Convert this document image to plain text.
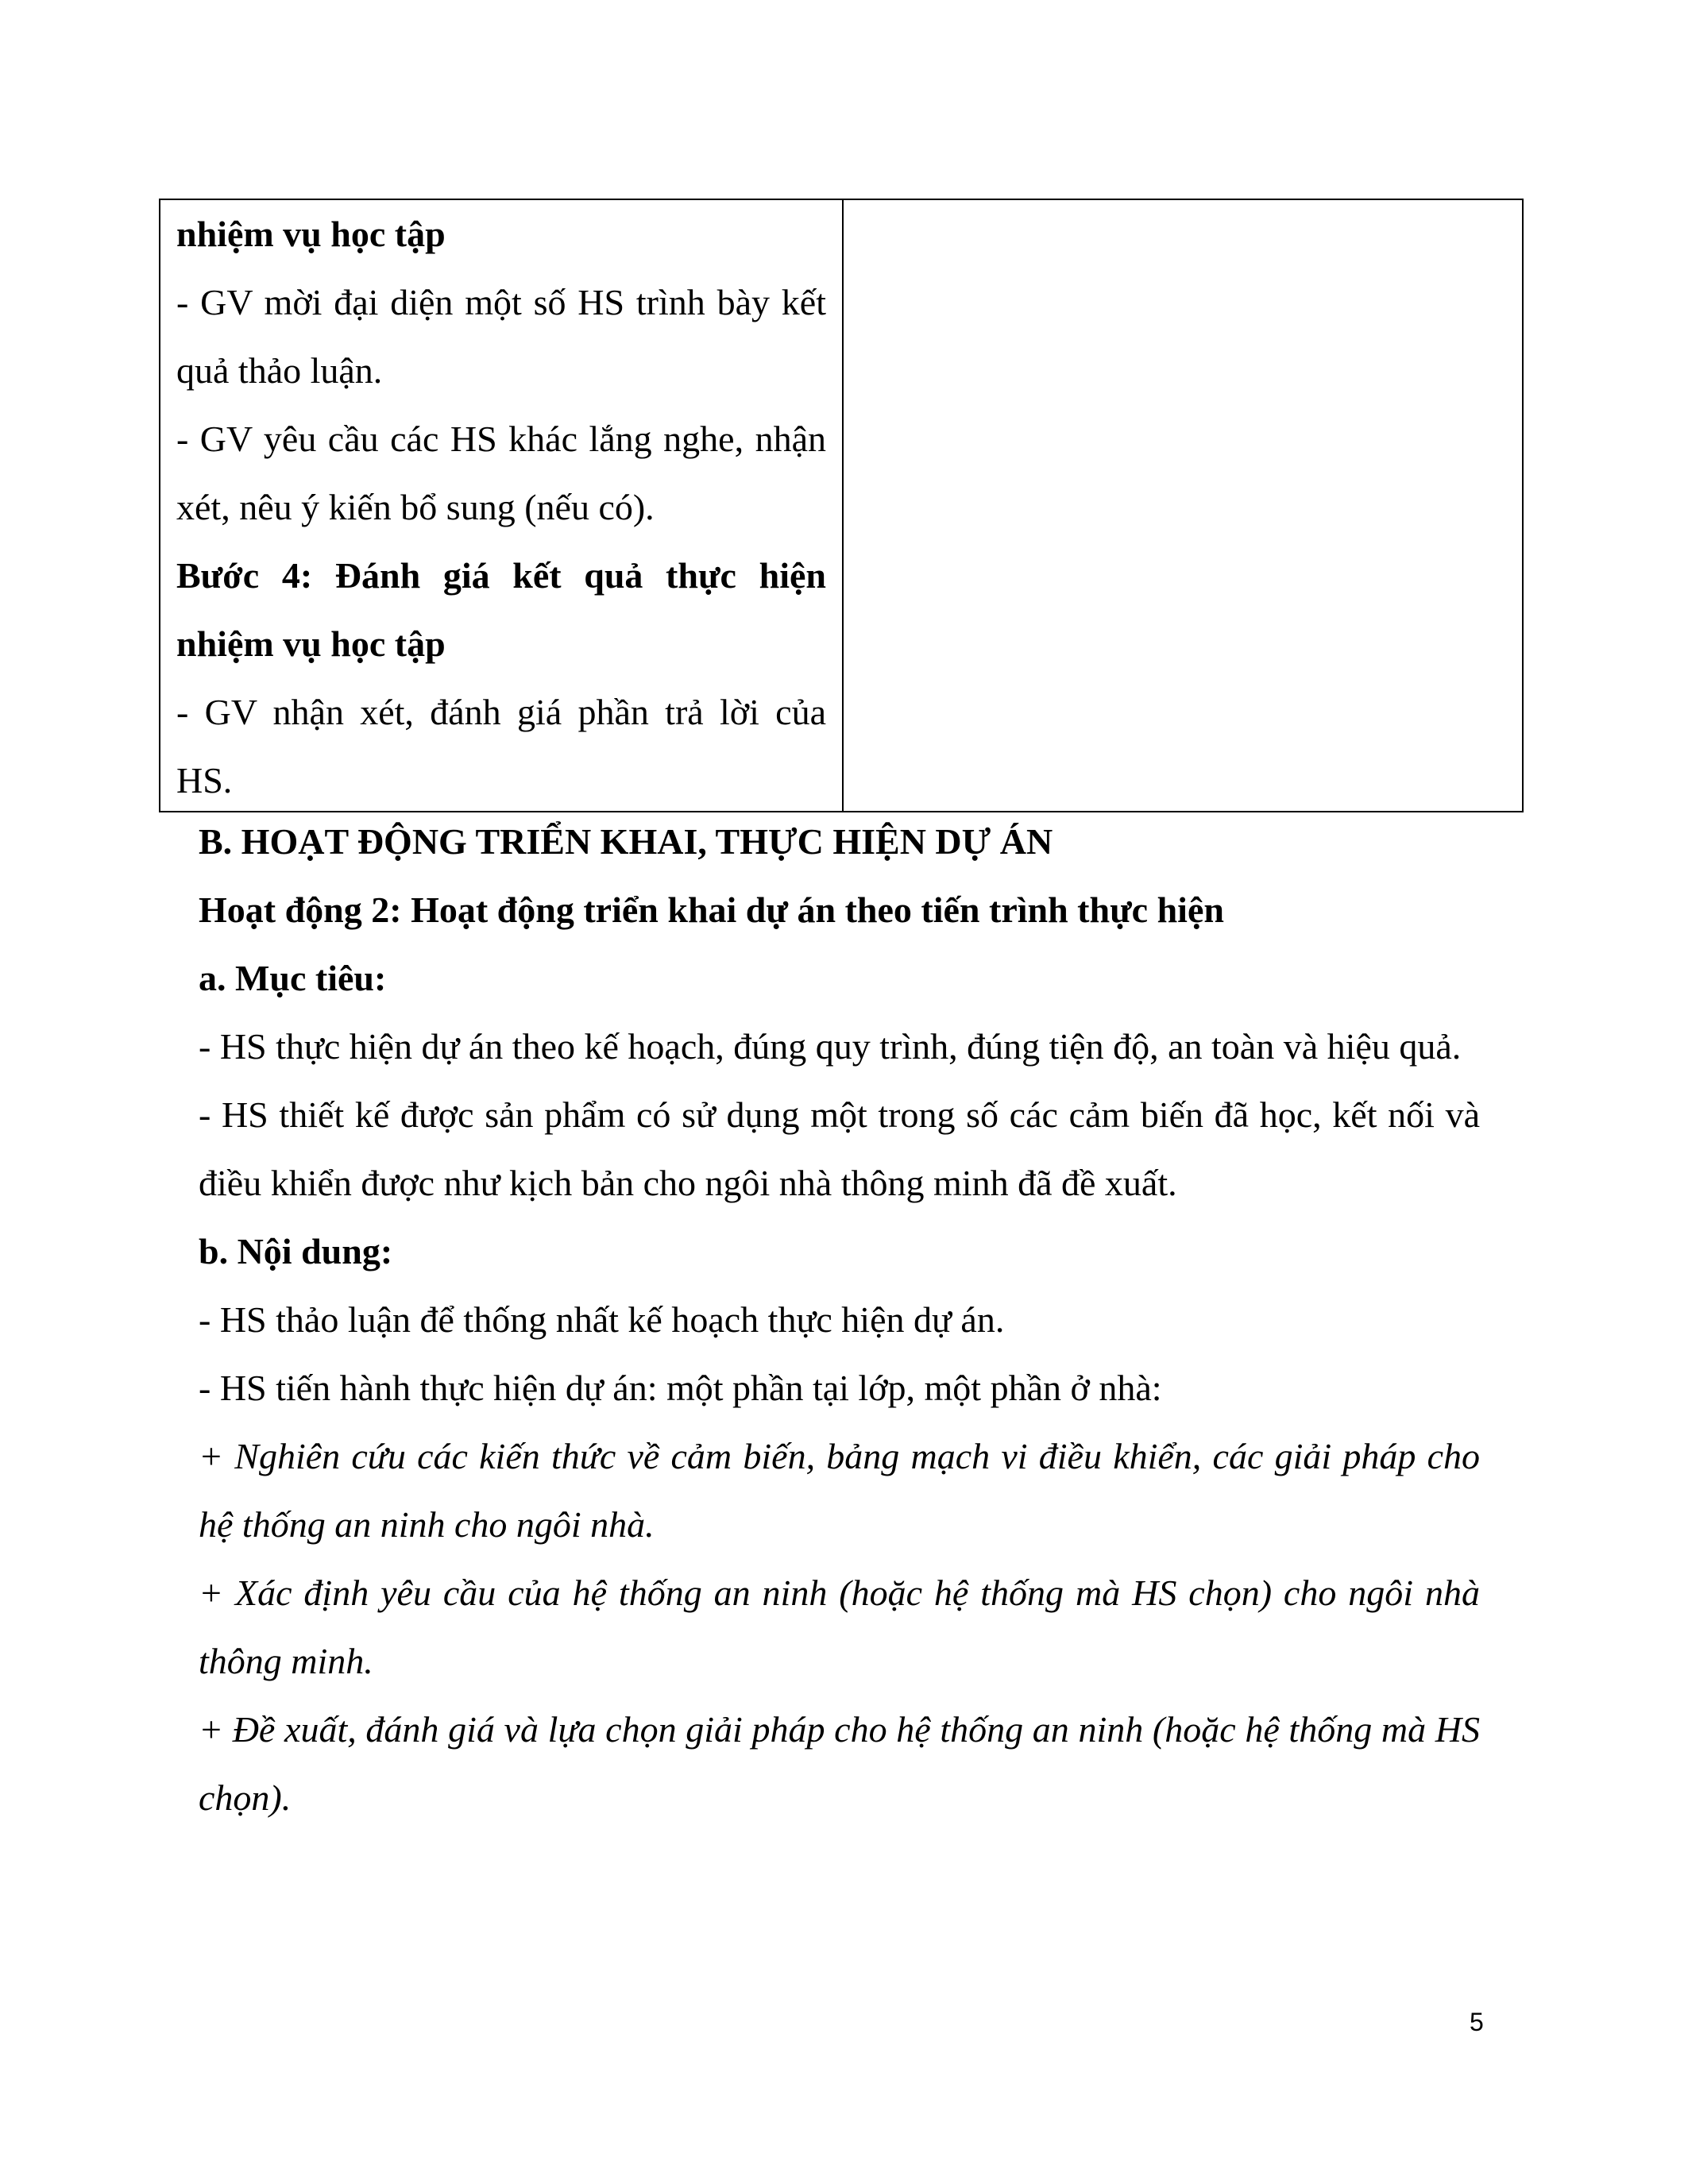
nhiệm vụ học tập

- GV mời đại diện một số HS trình bày kết quả thảo luận.

- GV yêu cầu các HS khác lắng nghe, nhận xét, nêu ý kiến bổ sung (nếu có).

Bước 4: Đánh giá kết quả thực hiện nhiệm vụ học tập

- GV nhận xét, đánh giá phần trả lời của HS.

B. HOẠT ĐỘNG TRIỂN KHAI, THỰC HIỆN DỰ ÁN

Hoạt động 2: Hoạt động triển khai dự án theo tiến trình thực hiện

a. Mục tiêu:

- HS thực hiện dự án theo kế hoạch, đúng quy trình, đúng tiện độ, an toàn và hiệu quả.

- HS thiết kế được sản phẩm có sử dụng một trong số các cảm biến đã học, kết nối và điều khiển được như kịch bản cho ngôi nhà thông minh đã đề xuất.

b. Nội dung:

- HS thảo luận để thống nhất kế hoạch thực hiện dự án.

- HS tiến hành thực hiện dự án: một phần tại lớp, một phần ở nhà:

+ Nghiên cứu các kiến thức về cảm biến, bảng mạch vi điều khiển, các giải pháp cho hệ thống an ninh cho ngôi nhà.

+ Xác định yêu cầu của hệ thống an ninh (hoặc hệ thống mà HS chọn) cho ngôi nhà thông minh.

+ Đề xuất, đánh giá và lựa chọn giải pháp cho hệ thống an ninh (hoặc hệ thống mà HS chọn).

5
